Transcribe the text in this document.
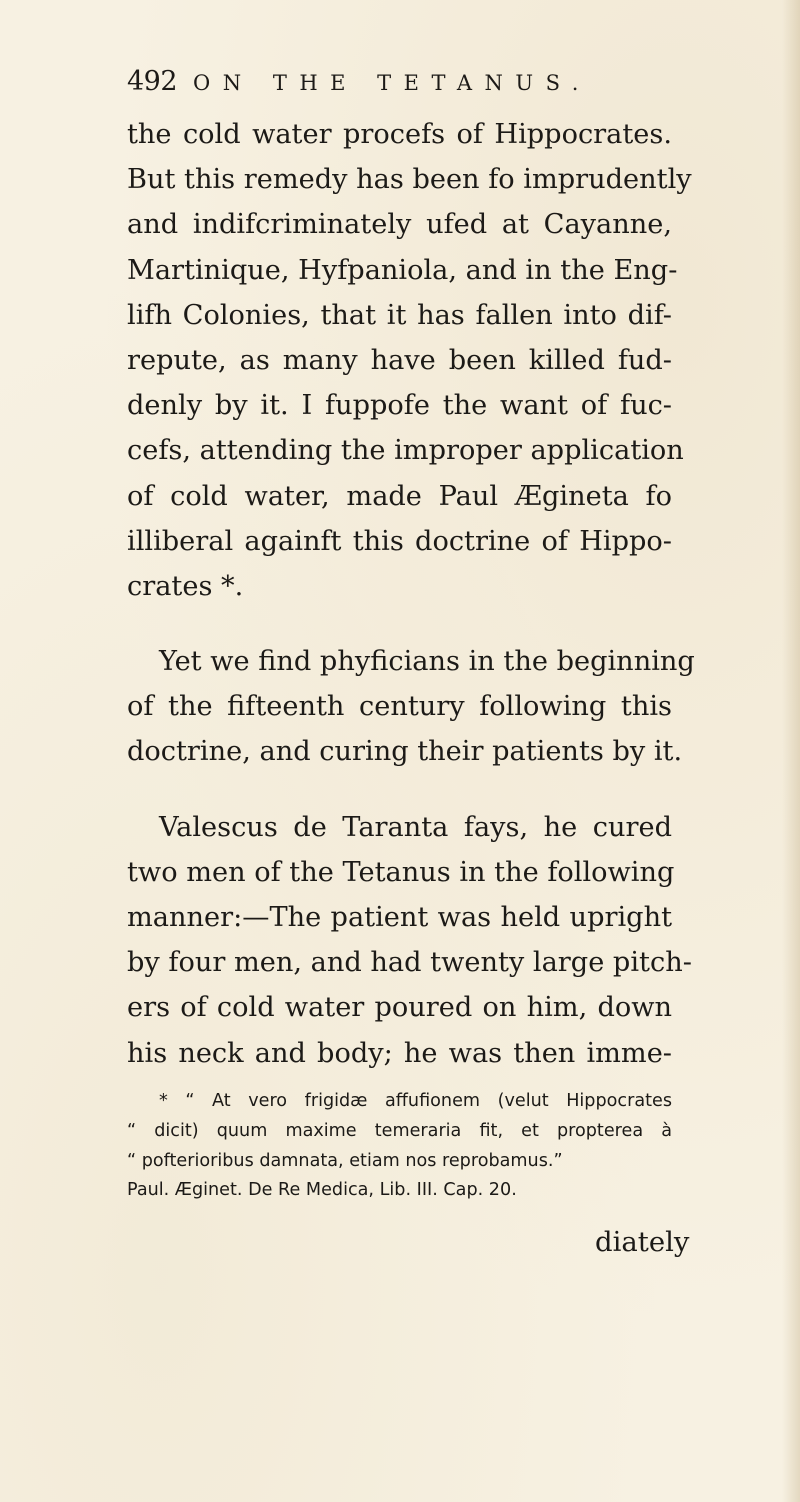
492 ON THE TETANUS.
the cold water procefs of Hippocrates.
But this remedy has been fo imprudently
and indifcriminately ufed at Cayanne,
Martinique, Hyfpaniola, and in the Eng-
lifh Colonies, that it has fallen into dif-
repute, as many have been killed fud-
denly by it. I fuppofe the want of fuc-
cefs, attending the improper application
of cold water, made Paul Ægineta fo
illiberal againft this doctrine of Hippo-
crates *.
Yet we find phyficians in the beginning
of the fifteenth century following this
doctrine, and curing their patients by it.
Valescus de Taranta fays, he cured
two men of the Tetanus in the following
manner:—The patient was held upright
by four men, and had twenty large pitch-
ers of cold water poured on him, down
his neck and body; he was then imme-
* “ At vero frigidæ affufionem (velut Hippocrates
“ dicit) quum maxime temeraria fit, et propterea à
“ pofterioribus damnata, etiam nos reprobamus.”
Paul. Æginet. De Re Medica, Lib. III. Cap. 20.
diately
